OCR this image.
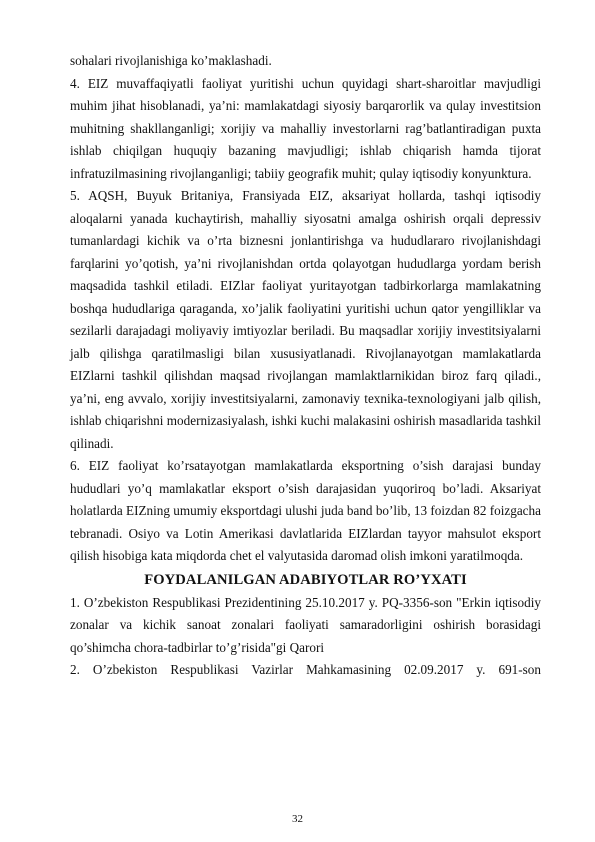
sohalari rivojlanishiga ko’maklashadi.

4. EIZ muvaffaqiyatli faoliyat yuritishi uchun quyidagi shart-sharoitlar mavjudligi muhim jihat hisoblanadi, ya’ni: mamlakatdagi siyosiy barqarorlik va qulay investitsion muhitning shakllanganligi; xorijiy va mahalliy investorlarni rag’batlantiradigan puxta ishlab chiqilgan huquqiy bazaning mavjudligi; ishlab chiqarish hamda tijorat infratuzilmasining rivojlanganligi; tabiiy geografik muhit; qulay iqtisodiy konyunktura.

5. AQSH, Buyuk Britaniya, Fransiyada EIZ, aksariyat hollarda, tashqi iqtisodiy aloqalarni yanada kuchaytirish, mahalliy siyosatni amalga oshirish orqali depressiv tumanlardagi kichik va o’rta biznesni jonlantirishga va hududlararo rivojlanishdagi farqlarini yo’qotish, ya’ni rivojlanishdan ortda qolayotgan hududlarga yordam berish maqsadida tashkil etiladi. EIZlar faoliyat yuritayotgan tadbirkorlarga mamlakatning boshqa hududlariga qaraganda, xo’jalik faoliyatini yuritishi uchun qator yengilliklar va sezilarli darajadagi moliyaviy imtiyozlar beriladi. Bu maqsadlar xorijiy investitsiyalarni jalb qilishga qaratilmasligi bilan xususiyatlanadi. Rivojlanayotgan mamlakatlarda EIZlarni tashkil qilishdan maqsad rivojlangan mamlaktlarnikidan biroz farq qiladi., ya’ni, eng avvalo, xorijiy investitsiyalarni, zamonaviy texnika-texnologiyani jalb qilish, ishlab chiqarishni modernizasiyalash, ishki kuchi malakasini oshirish masadlarida tashkil qilinadi.

6. EIZ faoliyat ko’rsatayotgan mamlakatlarda eksportning o’sish darajasi bunday hududlari yo’q mamlakatlar eksport o’sish darajasidan yuqoriroq bo’ladi. Aksariyat holatlarda EIZning umumiy eksportdagi ulushi juda band bo’lib, 13 foizdan 82 foizgacha tebranadi. Osiyo va Lotin Amerikasi davlatlarida EIZlardan tayyor mahsulot eksport qilish hisobiga kata miqdorda chet el valyutasida daromad olish imkoni yaratilmoqda.

FOYDALANILGAN ADABIYOTLAR RO’YXATI

1. O’zbekiston Respublikasi Prezidentining 25.10.2017 y. PQ-3356-son "Erkin iqtisodiy zonalar va kichik sanoat zonalari faoliyati samaradorligini oshirish borasidagi qo’shimcha chora-tadbirlar to’g’risida"gi Qarori

2. O’zbekiston Respublikasi Vazirlar Mahkamasining 02.09.2017 y. 691-son

32
